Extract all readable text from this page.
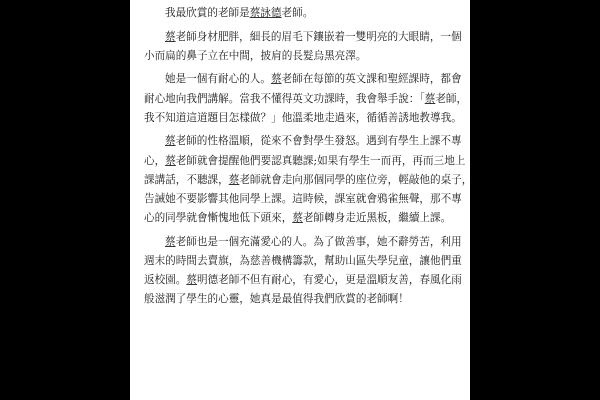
我最欣賞的老師是蔡詠德老師。

蔡老師身材肥胖，細長的眉毛下鑲嵌着一雙明亮的大眼睛，一個
小而扁的鼻子立在中間，披肩的長髮烏黑亮澤。

她是一個有耐心的人。蔡老師在每節的英文課和聖經課時，都會
耐心地向我們講解。當我不懂得英文功課時，我會舉手說：「蔡老師，
我不知道這道題目怎樣做？」他溫柔地走過來，循循善誘地教導我。

蔡老師的性格溫順，從來不會對學生發怒。遇到有學生上課不專
心，蔡老師就會提醒他們要認真聽課;如果有學生一而再，再而三地上
課講話，不聽課，蔡老師就會走向那個同學的座位旁，輕敲他的桌子，
告誡她不要影響其他同學上課。這時候，課室就會鴉雀無聲，那不專
心的同學就會慚愧地低下頭來，蔡老師轉身走近黑板，繼續上課。

蔡老師也是一個充滿愛心的人。為了做善事，她不辭勞苦，利用
週末的時間去賣旗，為慈善機構籌款，幫助山區失學兒童，讓他們重
返校園。蔡明德老師不但有耐心，有愛心，更是溫順友善，春風化雨
般滋潤了學生的心靈，她真是最值得我們欣賞的老師啊！
